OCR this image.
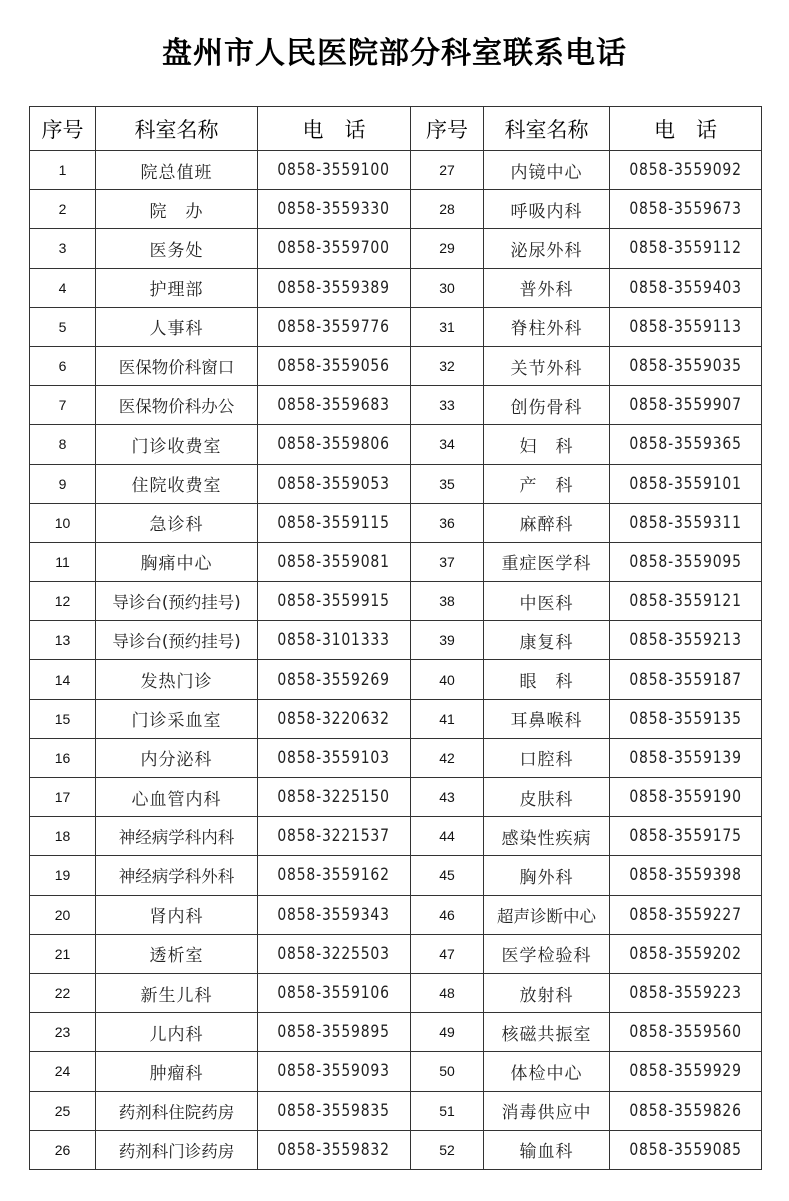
盘州市人民医院部分科室联系电话
序号	科室名称	电　话	序号	科室名称	电　话
1	院总值班	0858-3559100	27	内镜中心	0858-3559092
2	院　办	0858-3559330	28	呼吸内科	0858-3559673
3	医务处	0858-3559700	29	泌尿外科	0858-3559112
4	护理部	0858-3559389	30	普外科	0858-3559403
5	人事科	0858-3559776	31	脊柱外科	0858-3559113
6	医保物价科窗口	0858-3559056	32	关节外科	0858-3559035
7	医保物价科办公	0858-3559683	33	创伤骨科	0858-3559907
8	门诊收费室	0858-3559806	34	妇　科	0858-3559365
9	住院收费室	0858-3559053	35	产　科	0858-3559101
10	急诊科	0858-3559115	36	麻醉科	0858-3559311
11	胸痛中心	0858-3559081	37	重症医学科	0858-3559095
12	导诊台(预约挂号)	0858-3559915	38	中医科	0858-3559121
13	导诊台(预约挂号)	0858-3101333	39	康复科	0858-3559213
14	发热门诊	0858-3559269	40	眼　科	0858-3559187
15	门诊采血室	0858-3220632	41	耳鼻喉科	0858-3559135
16	内分泌科	0858-3559103	42	口腔科	0858-3559139
17	心血管内科	0858-3225150	43	皮肤科	0858-3559190
18	神经病学科内科	0858-3221537	44	感染性疾病	0858-3559175
19	神经病学科外科	0858-3559162	45	胸外科	0858-3559398
20	肾内科	0858-3559343	46	超声诊断中心	0858-3559227
21	透析室	0858-3225503	47	医学检验科	0858-3559202
22	新生儿科	0858-3559106	48	放射科	0858-3559223
23	儿内科	0858-3559895	49	核磁共振室	0858-3559560
24	肿瘤科	0858-3559093	50	体检中心	0858-3559929
25	药剂科住院药房	0858-3559835	51	消毒供应中	0858-3559826
26	药剂科门诊药房	0858-3559832	52	输血科	0858-3559085
